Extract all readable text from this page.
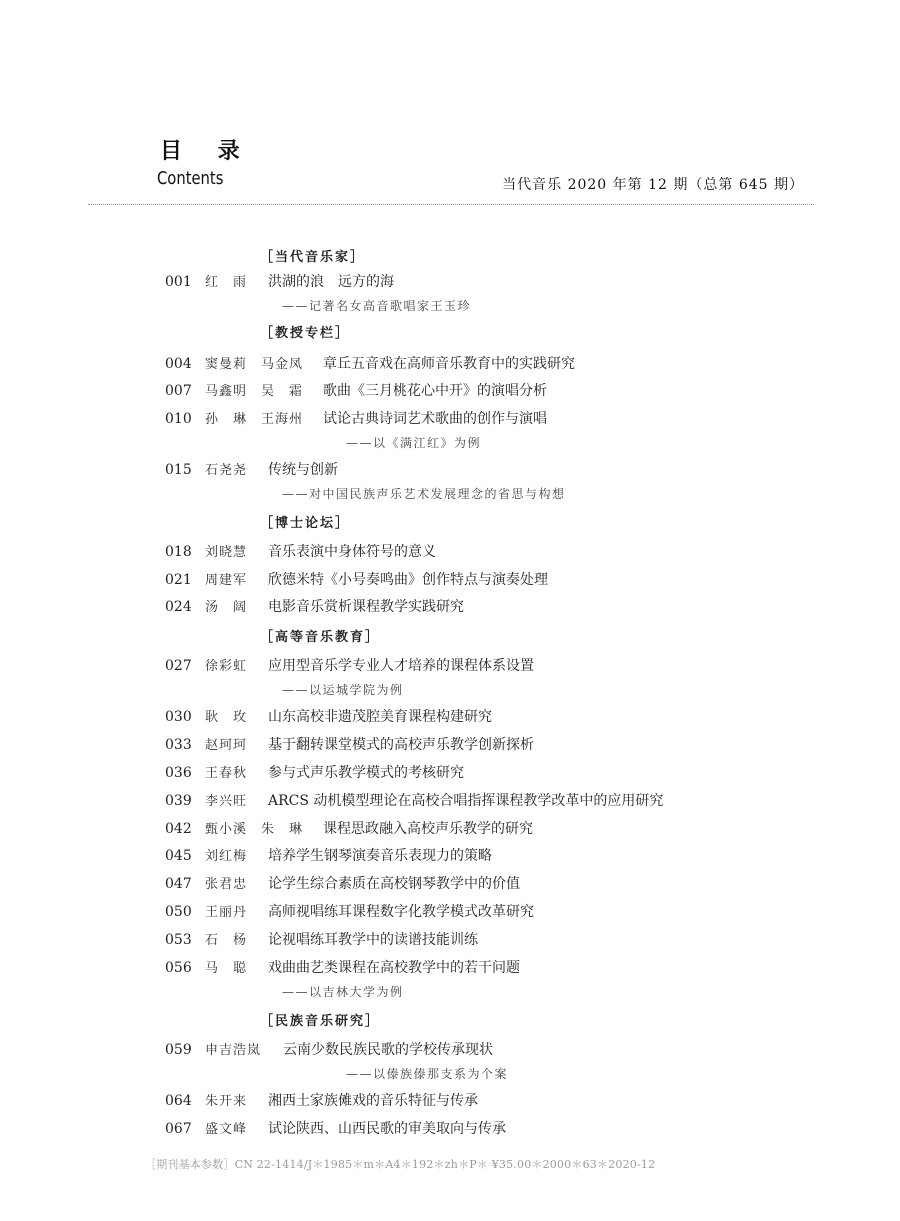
目 录
Contents	当代音乐 2020 年第 12 期（总第 645 期）
［当代音乐家］
001 红　雨 洪湖的浪　远方的海
——记著名女高音歌唱家王玉珍
［教授专栏］
004 窦曼莉　马金凤 章丘五音戏在高师音乐教育中的实践研究
007 马鑫明　吴　霜 歌曲《三月桃花心中开》的演唱分析
010 孙　琳　王海州 试论古典诗词艺术歌曲的创作与演唱
——以《满江红》为例
015 石尧尧 传统与创新
——对中国民族声乐艺术发展理念的省思与构想
［博士论坛］
018 刘晓慧 音乐表演中身体符号的意义
021 周建军 欣德米特《小号奏鸣曲》创作特点与演奏处理
024 汤　阔 电影音乐赏析课程教学实践研究
［高等音乐教育］
027 徐彩虹 应用型音乐学专业人才培养的课程体系设置
——以运城学院为例
030 耿　玫 山东高校非遗茂腔美育课程构建研究
033 赵珂珂 基于翻转课堂模式的高校声乐教学创新探析
036 王春秋 参与式声乐教学模式的考核研究
039 李兴旺 ARCS 动机模型理论在高校合唱指挥课程教学改革中的应用研究
042 甄小溪　朱　琳 课程思政融入高校声乐教学的研究
045 刘红梅 培养学生钢琴演奏音乐表现力的策略
047 张君忠 论学生综合素质在高校钢琴教学中的价值
050 王丽丹 高师视唱练耳课程数字化教学模式改革研究
053 石　杨 论视唱练耳教学中的读谱技能训练
056 马　聪 戏曲曲艺类课程在高校教学中的若干问题
——以吉林大学为例
［民族音乐研究］
059 申吉浩岚 云南少数民族民歌的学校传承现状
——以傣族傣那支系为个案
064 朱开来 湘西土家族傩戏的音乐特征与传承
067 盛文峰 试论陕西、山西民歌的审美取向与传承
［期刊基本参数］CN 22-1414/J＊1985＊m＊A4＊192＊zh＊P＊ ¥35.00＊2000＊63＊2020-12
